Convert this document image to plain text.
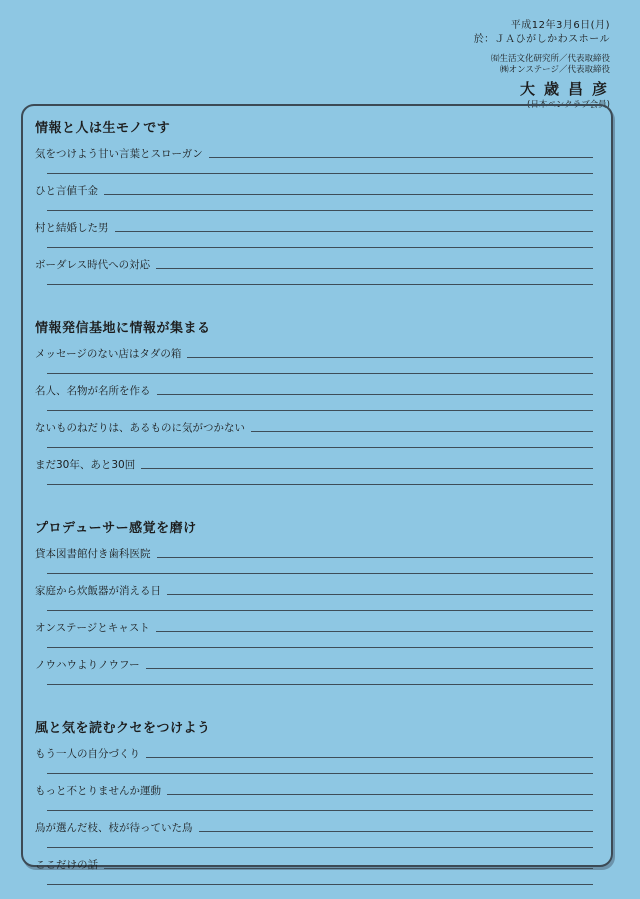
平成12年3月6日(月)
於：ＪＡひがしかわスホール
㈲生活文化研究所／代表取締役
㈱オンステージ／代表取締役
大歳昌彦
(日本ペンクラブ会員)
情報と人は生モノです
気をつけよう甘い言葉とスローガン
ひと言値千金
村と結婚した男
ボーダレス時代への対応
情報発信基地に情報が集まる
メッセージのない店はタダの箱
名人、名物が名所を作る
ないものねだりは、あるものに気がつかない
まだ30年、あと30回
プロデューサー感覚を磨け
貸本図書館付き歯科医院
家庭から炊飯器が消える日
オンステージとキャスト
ノウハウよりノウフー
風と気を読むクセをつけよう
もう一人の自分づくり
もっと不とりませんか運動
鳥が選んだ枝、枝が待っていた鳥
ここだけの話
